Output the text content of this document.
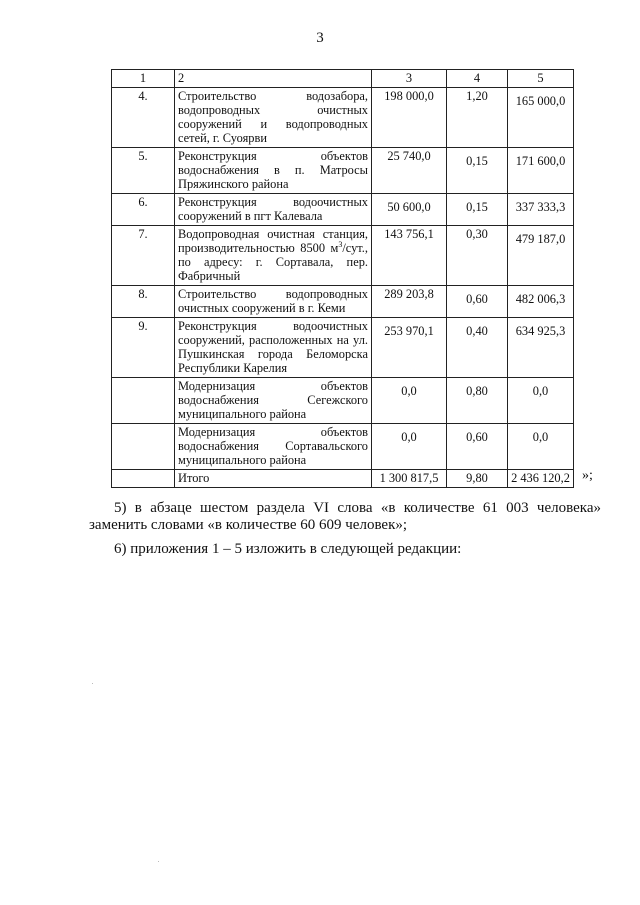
3
1	2	3	4	5
4.	Строительство водозабора, водопроводных очистных сооружений и водопроводных сетей, г. Суоярви	198 000,0	1,20	165 000,0
5.	Реконструкция объектов водоснабжения в п. Матросы Пряжинского района	25 740,0	0,15	171 600,0
6.	Реконструкция водоочистных сооружений в пгт Калевала	50 600,0	0,15	337 333,3
7.	Водопроводная очистная станция, производительностью 8500 $м^3$/сут., по адресу: г. Сортавала, пер. Фабричный	143 756,1	0,30	479 187,0
8.	Строительство водопроводных очистных сооружений в г. Кеми	289 203,8	0,60	482 006,3
9.	Реконструкция водоочистных сооружений, расположенных на ул. Пушкинская города Беломорска Республики Карелия	253 970,1	0,40	634 925,3
	Модернизация объектов водоснабжения Сегежского муниципального района	0,0	0,80	0,0
	Модернизация объектов водоснабжения Сортавальского муниципального района	0,0	0,60	0,0
	Итого	1 300 817,5	9,80	2 436 120,2 »;
5) в абзаце шестом раздела VI слова «в количестве 61 003 человека» заменить словами «в количестве 60 609 человек»;
6) приложения 1 – 5 изложить в следующей редакции:
